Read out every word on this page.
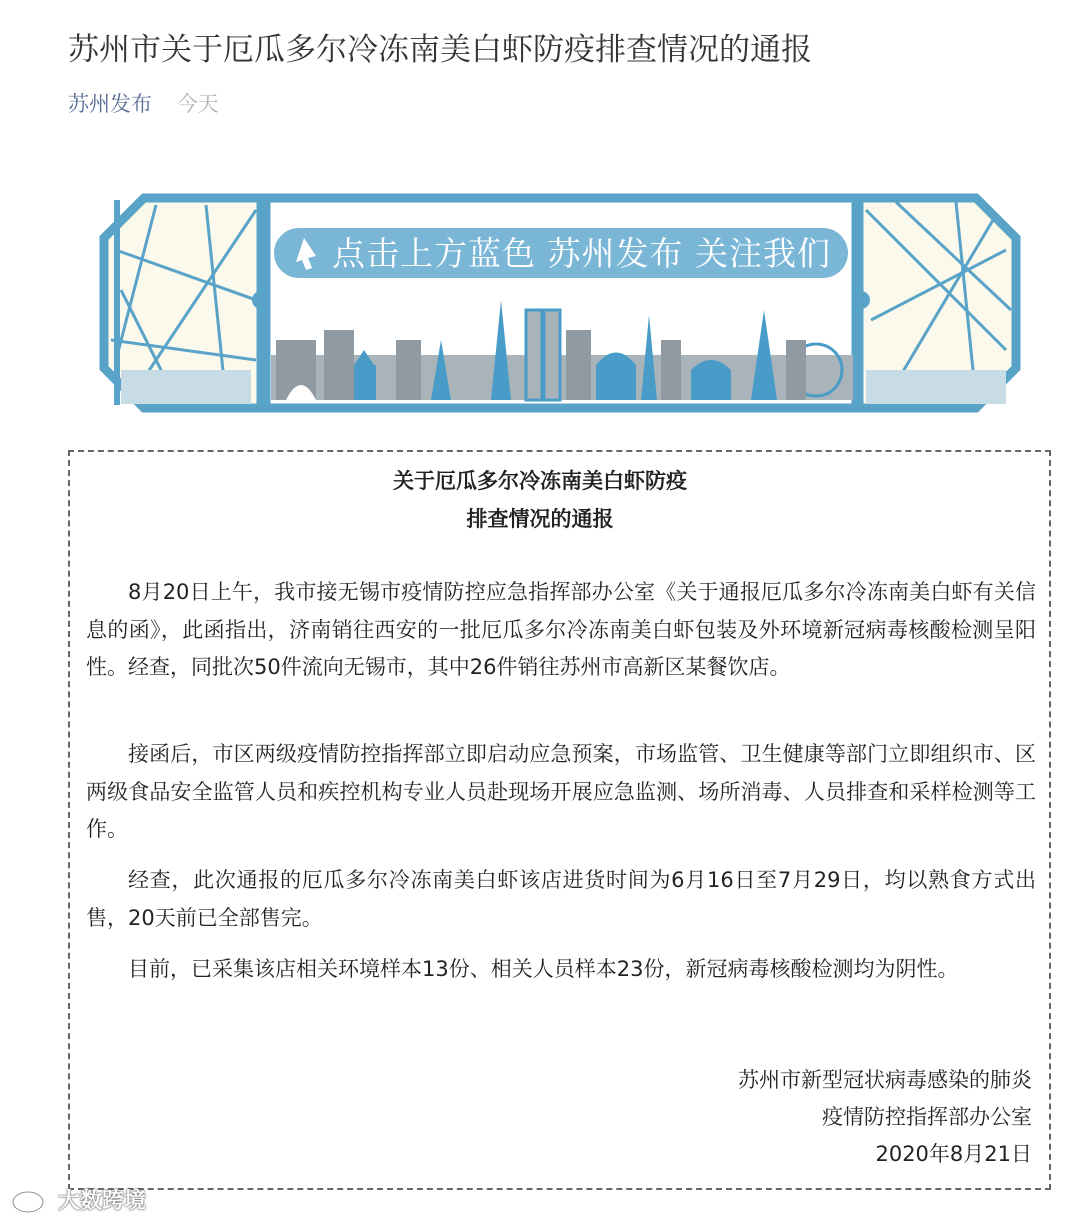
苏州市关于厄瓜多尔冷冻南美白虾防疫排查情况的通报
苏州发布 今天
点击上方蓝色 苏州发布 关注我们
关于厄瓜多尔冷冻南美白虾防疫
排查情况的通报

8月20日上午，我市接无锡市疫情防控应急指挥部办公室《关于通报厄瓜多尔冷冻南美白虾有关信息的函》，此函指出，济南销往西安的一批厄瓜多尔冷冻南美白虾包装及外环境新冠病毒核酸检测呈阳性。经查，同批次50件流向无锡市，其中26件销往苏州市高新区某餐饮店。

接函后，市区两级疫情防控指挥部立即启动应急预案，市场监管、卫生健康等部门立即组织市、区两级食品安全监管人员和疾控机构专业人员赴现场开展应急监测、场所消毒、人员排查和采样检测等工作。

经查，此次通报的厄瓜多尔冷冻南美白虾该店进货时间为6月16日至7月29日，均以熟食方式出售，20天前已全部售完。

目前，已采集该店相关环境样本13份、相关人员样本23份，新冠病毒核酸检测均为阴性。

苏州市新型冠状病毒感染的肺炎
疫情防控指挥部办公室
2020年8月21日
大数跨境
